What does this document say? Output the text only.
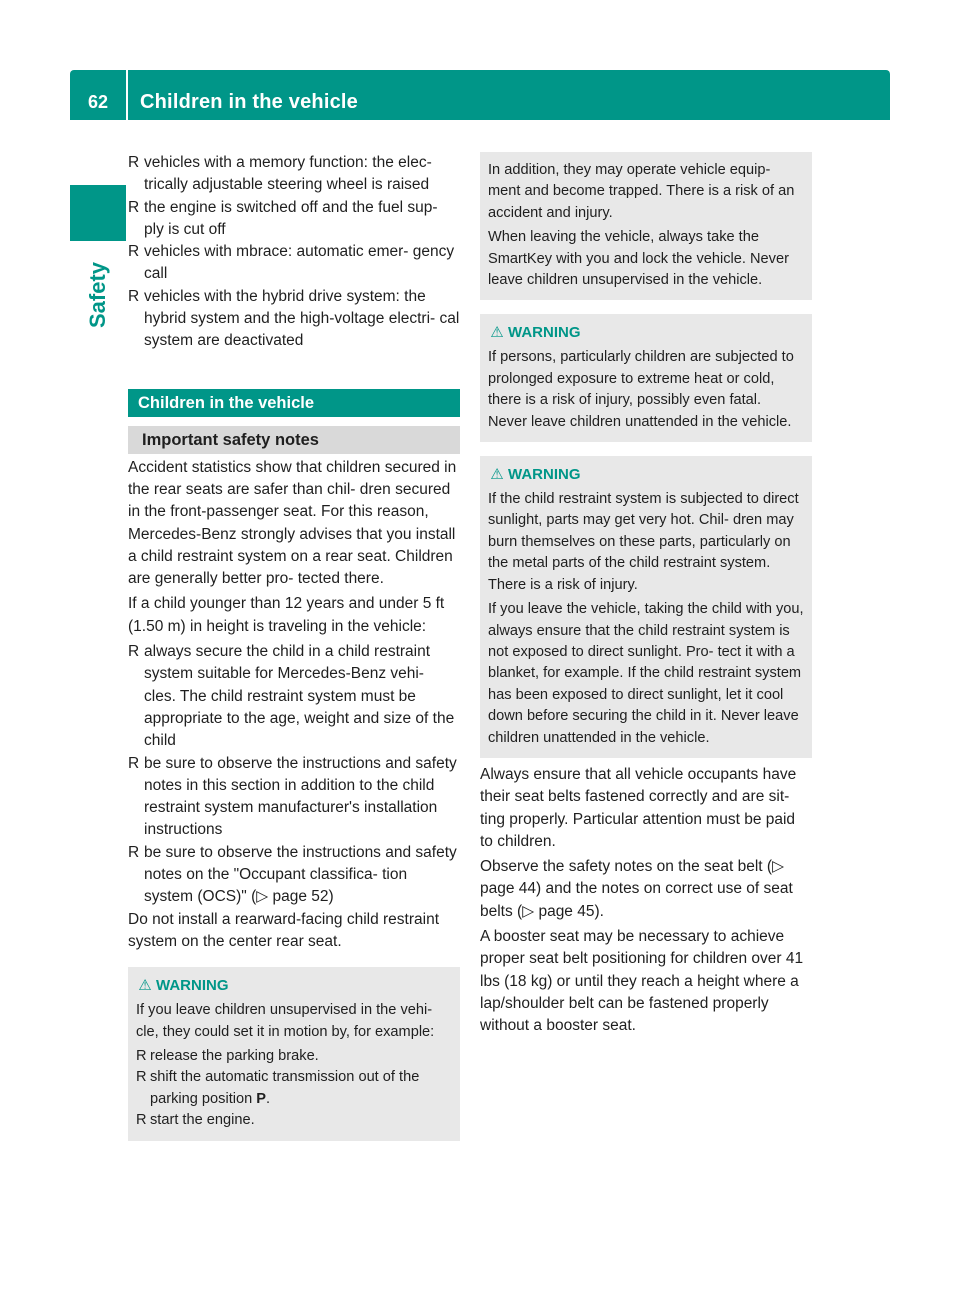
62	Children in the vehicle
Safety
R vehicles with a memory function: the elec- trically adjustable steering wheel is raised
R the engine is switched off and the fuel sup- ply is cut off
R vehicles with mbrace: automatic emer- gency call
R vehicles with the hybrid drive system: the hybrid system and the high-voltage electri- cal system are deactivated
Children in the vehicle
Important safety notes

Accident statistics show that children secured in the rear seats are safer than chil- dren secured in the front-passenger seat. For this reason, Mercedes-Benz strongly advises that you install a child restraint system on a rear seat. Children are generally better pro- tected there.

If a child younger than 12 years and under 5 ft (1.50 m) in height is traveling in the vehicle:

R always secure the child in a child restraint system suitable for Mercedes-Benz vehi- cles. The child restraint system must be appropriate to the age, weight and size of the child
R be sure to observe the instructions and safety notes in this section in addition to the child restraint system manufacturer's installation instructions
R be sure to observe the instructions and safety notes on the "Occupant classifica- tion system (OCS)" (▷ page 52)

Do not install a rearward-facing child restraint system on the center rear seat.

⚠ WARNING

If you leave children unsupervised in the vehi- cle, they could set it in motion by, for example:

R release the parking brake.
R shift the automatic transmission out of the parking position P.
R start the engine.

In addition, they may operate vehicle equip- ment and become trapped. There is a risk of an accident and injury.

When leaving the vehicle, always take the SmartKey with you and lock the vehicle. Never leave children unsupervised in the vehicle.

⚠ WARNING

If persons, particularly children are subjected to prolonged exposure to extreme heat or cold, there is a risk of injury, possibly even fatal. Never leave children unattended in the vehicle.

⚠ WARNING

If the child restraint system is subjected to direct sunlight, parts may get very hot. Chil- dren may burn themselves on these parts, particularly on the metal parts of the child restraint system. There is a risk of injury.

If you leave the vehicle, taking the child with you, always ensure that the child restraint system is not exposed to direct sunlight. Pro- tect it with a blanket, for example. If the child restraint system has been exposed to direct sunlight, let it cool down before securing the child in it. Never leave children unattended in the vehicle.

Always ensure that all vehicle occupants have their seat belts fastened correctly and are sit- ting properly. Particular attention must be paid to children.

Observe the safety notes on the seat belt (▷ page 44) and the notes on correct use of seat belts (▷ page 45).

A booster seat may be necessary to achieve proper seat belt positioning for children over 41 lbs (18 kg) or until they reach a height where a lap/shoulder belt can be fastened properly without a booster seat.
